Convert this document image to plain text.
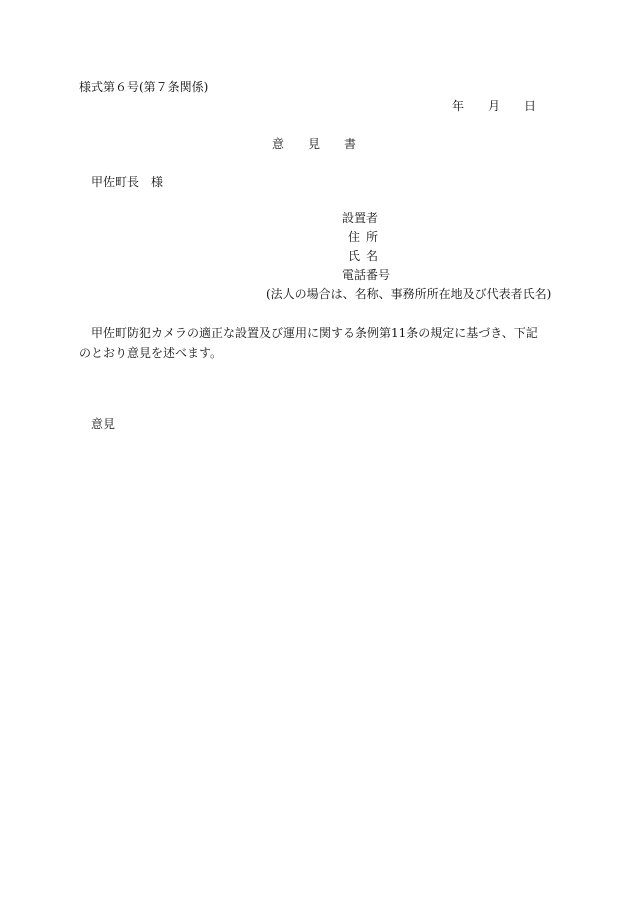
様式第６号(第７条関係)
年 月 日
意 見 書
甲佐町長 様
設置者
住 所
氏 名
電話番号
(法人の場合は、名称、事務所所在地及び代表者氏名)
甲佐町防犯カメラの適正な設置及び運用に関する条例第11条の規定に基づき、下記のとおり意見を述べます。
意見
